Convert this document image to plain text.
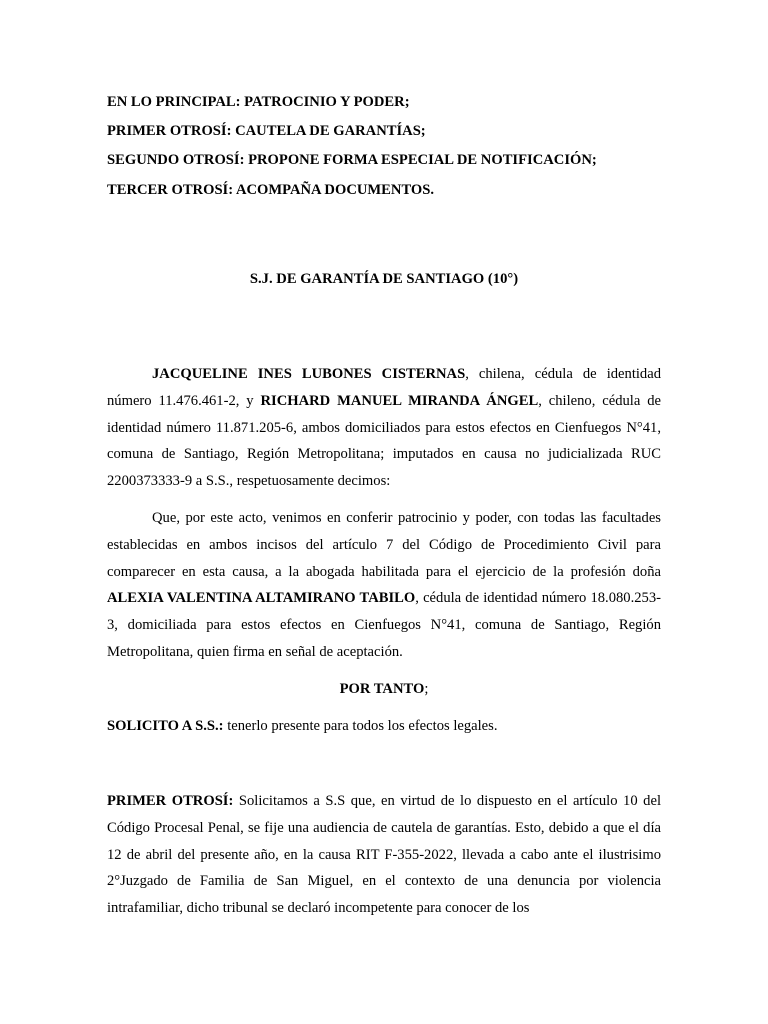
EN LO PRINCIPAL: PATROCINIO Y PODER;
PRIMER OTROSÍ: CAUTELA DE GARANTÍAS;
SEGUNDO OTROSÍ: PROPONE FORMA ESPECIAL DE NOTIFICACIÓN;
TERCER OTROSÍ: ACOMPAÑA DOCUMENTOS.
S.J. DE GARANTÍA DE SANTIAGO (10°)
JACQUELINE INES LUBONES CISTERNAS, chilena, cédula de identidad número 11.476.461-2, y RICHARD MANUEL MIRANDA ÁNGEL, chileno, cédula de identidad número 11.871.205-6, ambos domiciliados para estos efectos en Cienfuegos N°41, comuna de Santiago, Región Metropolitana; imputados en causa no judicializada RUC 2200373333-9 a S.S., respetuosamente decimos:
Que, por este acto, venimos en conferir patrocinio y poder, con todas las facultades establecidas en ambos incisos del artículo 7 del Código de Procedimiento Civil para comparecer en esta causa, a la abogada habilitada para el ejercicio de la profesión doña ALEXIA VALENTINA ALTAMIRANO TABILO, cédula de identidad número 18.080.253-3, domiciliada para estos efectos en Cienfuegos N°41, comuna de Santiago, Región Metropolitana, quien firma en señal de aceptación.
POR TANTO;
SOLICITO A S.S.: tenerlo presente para todos los efectos legales.
PRIMER OTROSÍ: Solicitamos a S.S que, en virtud de lo dispuesto en el artículo 10 del Código Procesal Penal, se fije una audiencia de cautela de garantías. Esto, debido a que el día 12 de abril del presente año, en la causa RIT F-355-2022, llevada a cabo ante el ilustrisimo 2°Juzgado de Familia de San Miguel, en el contexto de una denuncia por violencia intrafamiliar, dicho tribunal se declaró incompetente para conocer de los
